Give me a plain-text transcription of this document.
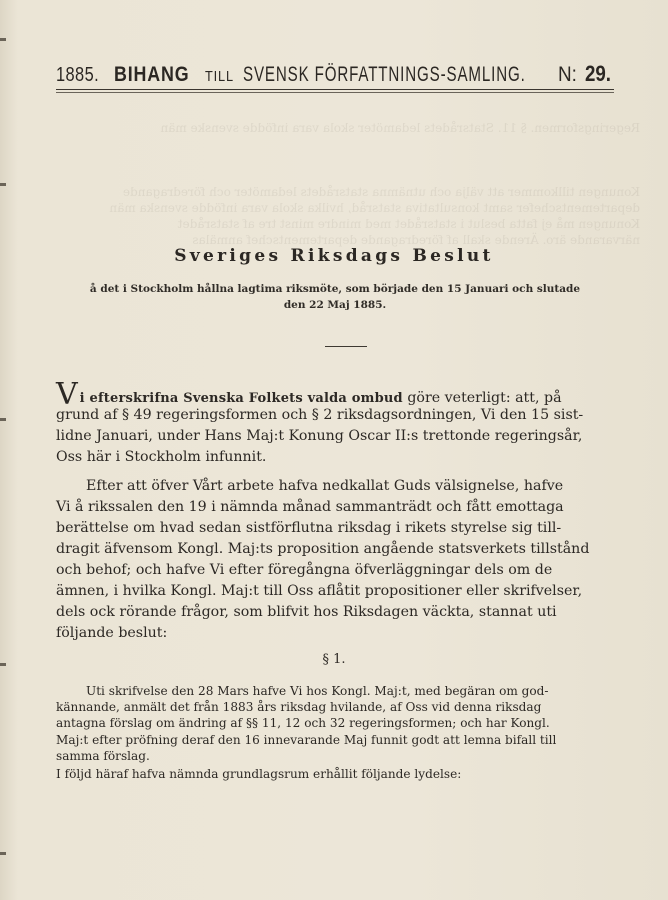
Regeringsformen. § 11. Statsrådets ledamöter skola vara infödde svenske män
Konungen tillkommer att välja och utnämna statsrådets ledamöter och föredragande
departementschefer samt konsultativa statsråd, hvilka skola vara infödde svenska män
Konungen må ej fatta beslut i statsrådet med mindre minst tre af statsrådet
närvarande äro. Ärende skall af föredragande departementschef anmälas
1885. BIHANG TILL SVENSK FÖRFATTNINGS-SAMLING. N: 29.
Sveriges Riksdags Beslut
å det i Stockholm hållna lagtima riksmöte, som började den 15 Januari och slutade
den 22 Maj 1885.
Vi efterskrifna Svenska Folkets valda ombud göre veterligt: att, på
grund af § 49 regeringsformen och § 2 riksdagsordningen, Vi den 15 sist-
lidne Januari, under Hans Maj:t Konung Oscar II:s trettonde regeringsår,
Oss här i Stockholm infunnit.
Efter att öfver Vårt arbete hafva nedkallat Guds välsignelse, hafve
Vi å rikssalen den 19 i nämnda månad sammanträdt och fått emottaga
berättelse om hvad sedan sistförflutna riksdag i rikets styrelse sig till-
dragit äfvensom Kongl. Maj:ts proposition angående statsverkets tillstånd
och behof; och hafve Vi efter föregångna öfverläggningar dels om de
ämnen, i hvilka Kongl. Maj:t till Oss aflåtit propositioner eller skrifvelser,
dels ock rörande frågor, som blifvit hos Riksdagen väckta, stannat uti
följande beslut:
§ 1.
Uti skrifvelse den 28 Mars hafve Vi hos Kongl. Maj:t, med begäran om god-
kännande, anmält det från 1883 års riksdag hvilande, af Oss vid denna riksdag
antagna förslag om ändring af §§ 11, 12 och 32 regeringsformen; och har Kongl.
Maj:t efter pröfning deraf den 16 innevarande Maj funnit godt att lemna bifall till
samma förslag.
I följd häraf hafva nämnda grundlagsrum erhållit följande lydelse:
